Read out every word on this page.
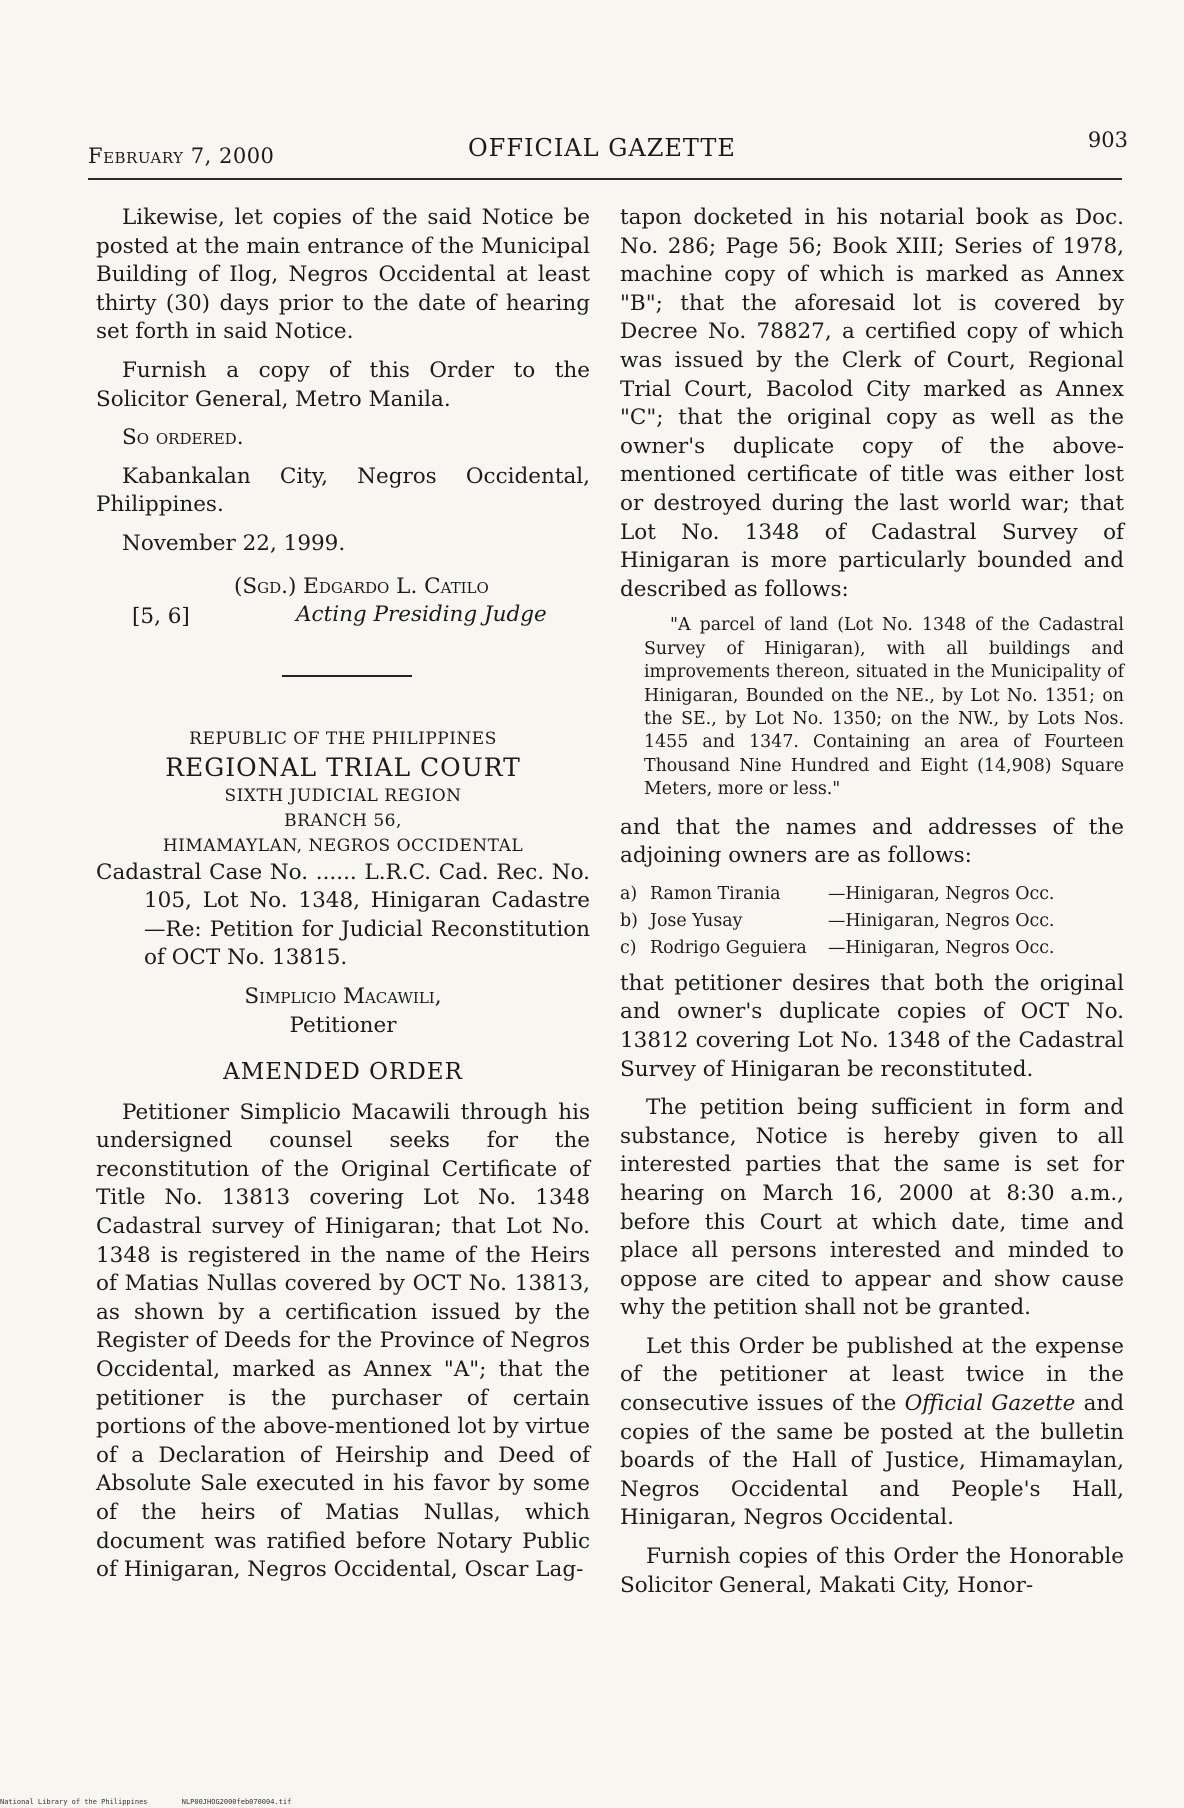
February 7, 2000	OFFICIAL GAZETTE	903

Likewise, let copies of the said Notice be posted at the main entrance of the Municipal Building of Ilog, Negros Occidental at least thirty (30) days prior to the date of hearing set forth in said Notice.

Furnish a copy of this Order to the Solicitor General, Metro Manila.

So ordered.

Kabankalan City, Negros Occidental, Philippines.

November 22, 1999.

[5, 6]
(Sgd.) Edgardo L. Catilo
Acting Presiding Judge
REPUBLIC OF THE PHILIPPINES
REGIONAL TRIAL COURT
SIXTH JUDICIAL REGION
BRANCH 56,
HIMAMAYLAN, NEGROS OCCIDENTAL

Cadastral Case No. ...... L.R.C. Cad. Rec. No. 105, Lot No. 1348, Hinigaran Cadastre—Re: Petition for Judicial Reconstitution of OCT No. 13815.

Simplicio Macawili,
Petitioner

AMENDED ORDER

Petitioner Simplicio Macawili through his undersigned counsel seeks for the reconstitution of the Original Certificate of Title No. 13813 covering Lot No. 1348 Cadastral survey of Hinigaran; that Lot No. 1348 is registered in the name of the Heirs of Matias Nullas covered by OCT No. 13813, as shown by a certification issued by the Register of Deeds for the Province of Negros Occidental, marked as Annex "A"; that the petitioner is the purchaser of certain portions of the above-mentioned lot by virtue of a Declaration of Heirship and Deed of Absolute Sale executed in his favor by some of the heirs of Matias Nullas, which document was ratified before Notary Public of Hinigaran, Negros Occidental, Oscar Lag-

tapon docketed in his notarial book as Doc. No. 286; Page 56; Book XIII; Series of 1978, machine copy of which is marked as Annex "B"; that the aforesaid lot is covered by Decree No. 78827, a certified copy of which was issued by the Clerk of Court, Regional Trial Court, Bacolod City marked as Annex "C"; that the original copy as well as the owner's duplicate copy of the above-mentioned certificate of title was either lost or destroyed during the last world war; that Lot No. 1348 of Cadastral Survey of Hinigaran is more particularly bounded and described as follows:

"A parcel of land (Lot No. 1348 of the Cadastral Survey of Hinigaran), with all buildings and improvements thereon, situated in the Municipality of Hinigaran, Bounded on the NE., by Lot No. 1351; on the SE., by Lot No. 1350; on the NW., by Lots Nos. 1455 and 1347. Containing an area of Fourteen Thousand Nine Hundred and Eight (14,908) Square Meters, more or less."

and that the names and addresses of the adjoining owners are as follows:

a) Ramon Tirania	—Hinigaran, Negros Occ.
b) Jose Yusay	—Hinigaran, Negros Occ.
c) Rodrigo Geguiera	—Hinigaran, Negros Occ.

that petitioner desires that both the original and owner's duplicate copies of OCT No. 13812 covering Lot No. 1348 of the Cadastral Survey of Hinigaran be reconstituted.

The petition being sufficient in form and substance, Notice is hereby given to all interested parties that the same is set for hearing on March 16, 2000 at 8:30 a.m., before this Court at which date, time and place all persons interested and minded to oppose are cited to appear and show cause why the petition shall not be granted.

Let this Order be published at the expense of the petitioner at least twice in the consecutive issues of the Official Gazette and copies of the same be posted at the bulletin boards of the Hall of Justice, Himamaylan, Negros Occidental and People's Hall, Hinigaran, Negros Occidental.

Furnish copies of this Order the Honorable Solicitor General, Makati City, Honor-

National Library of the Philippines	NLP00JHOG2000feb070004.tif
